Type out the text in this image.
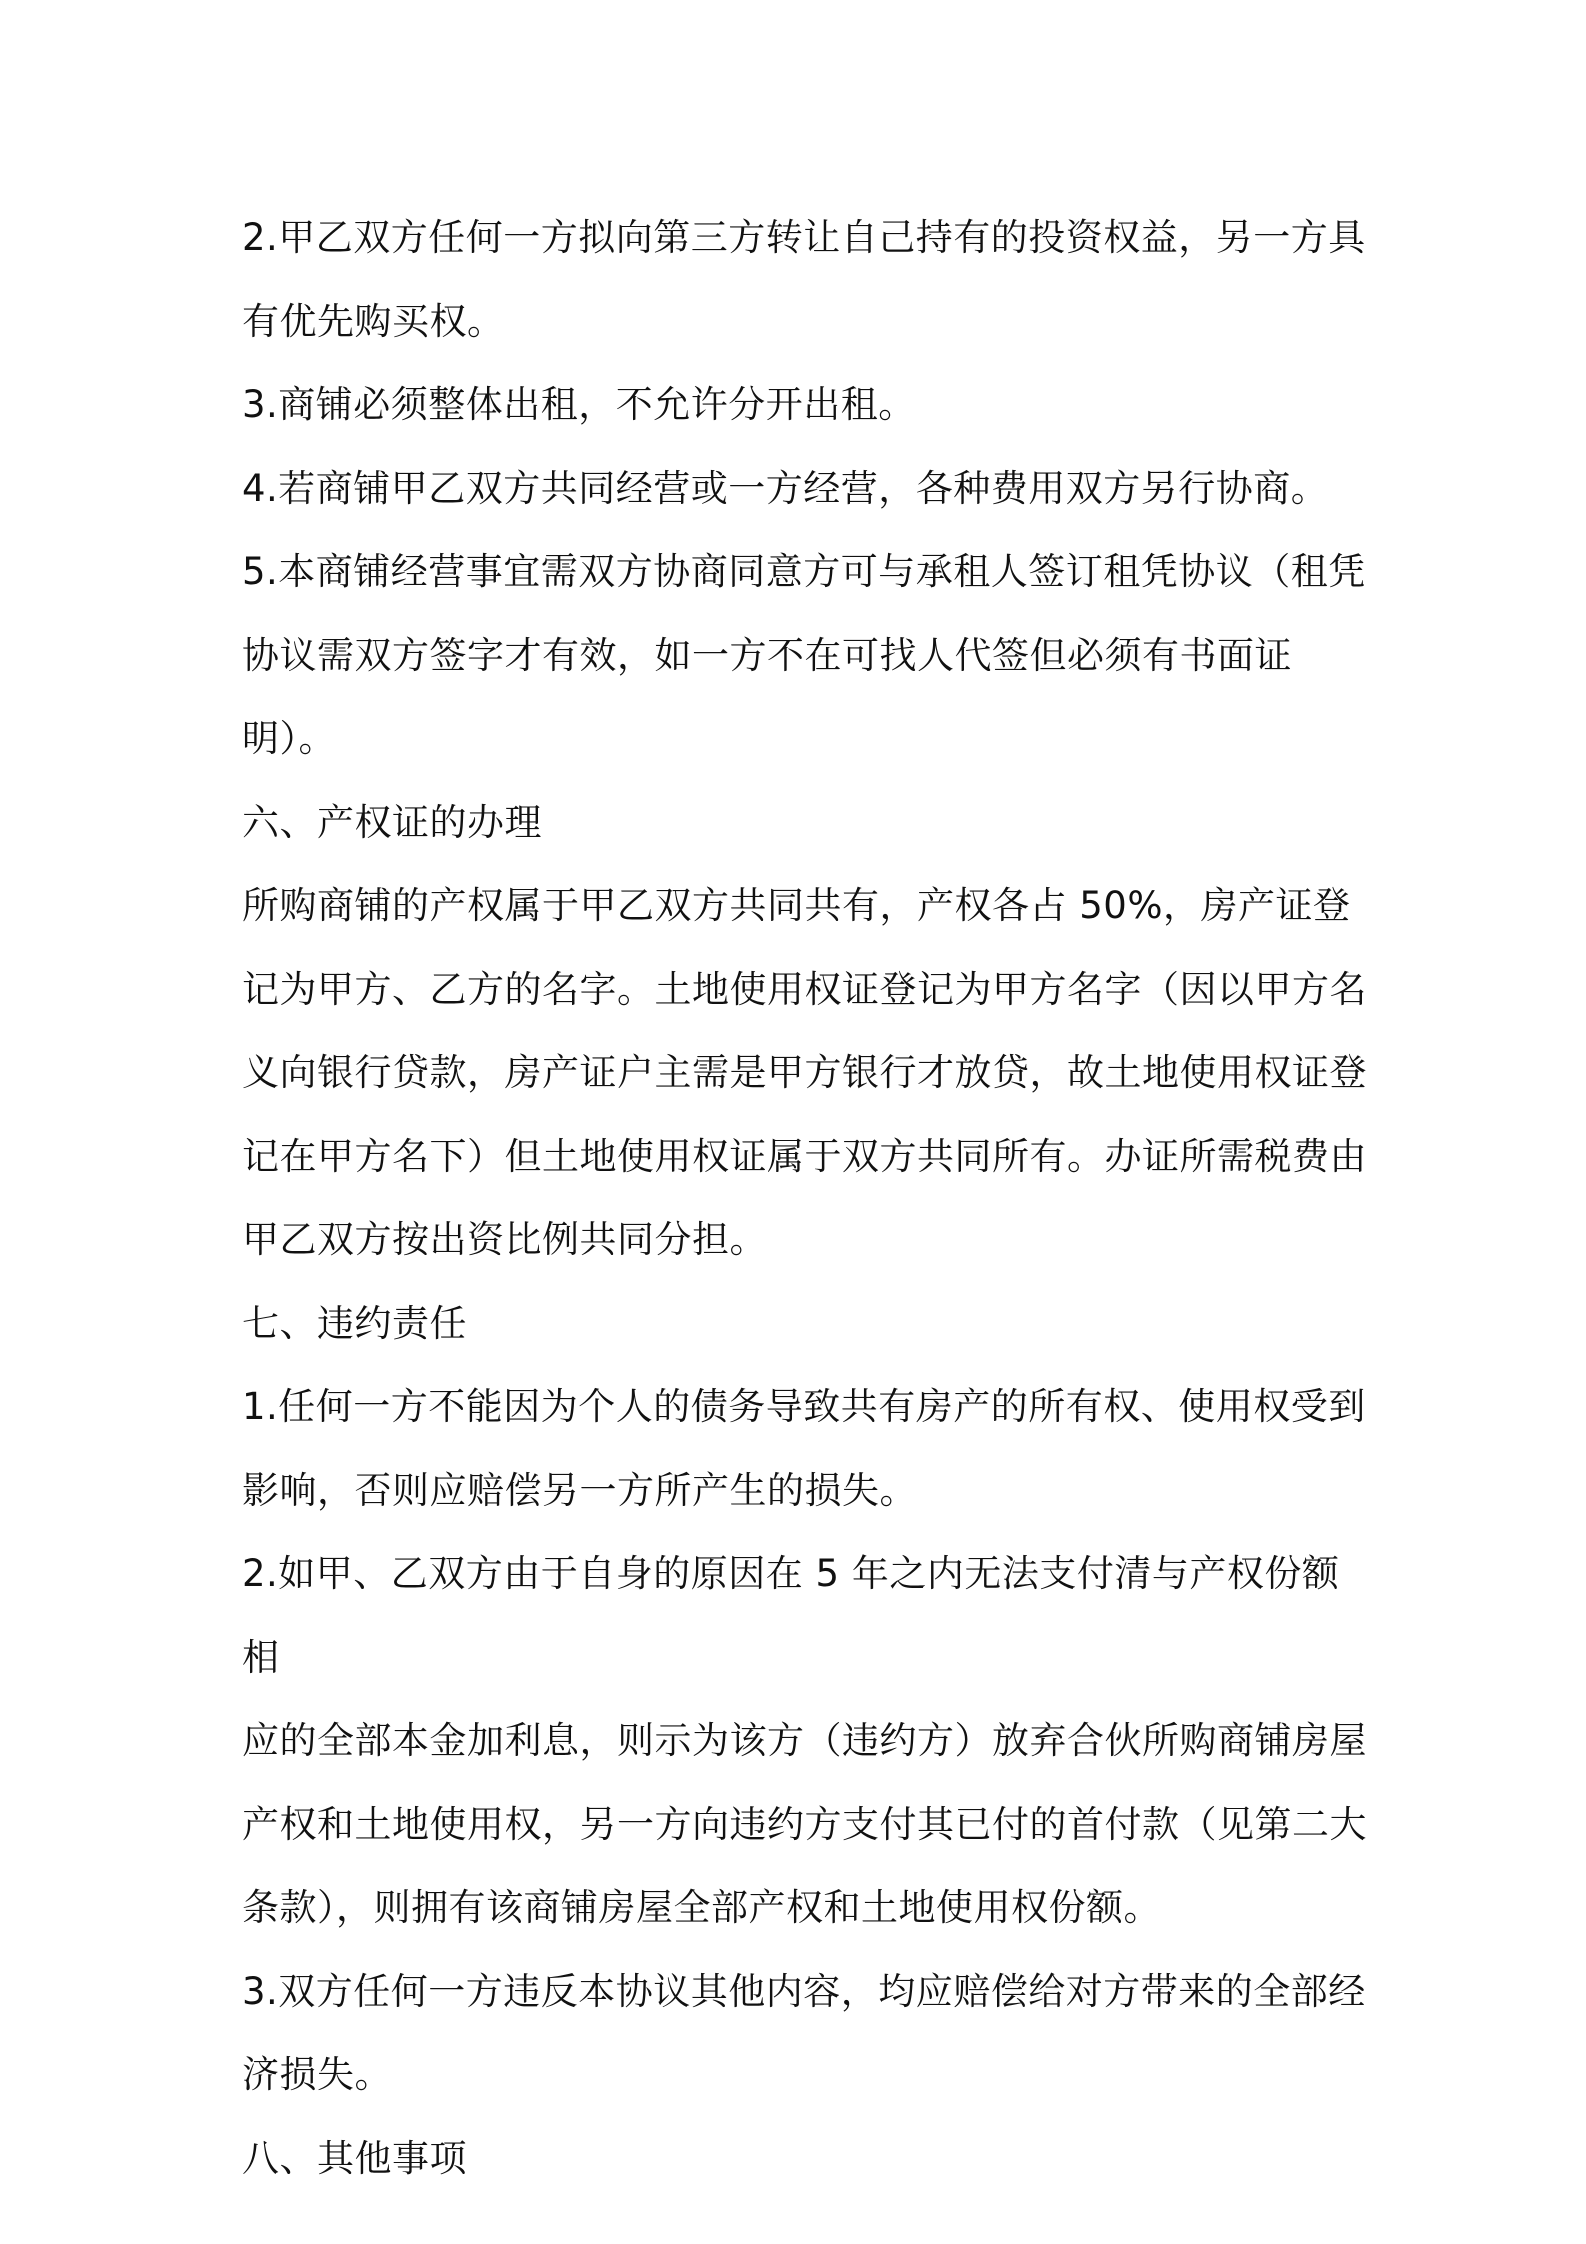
2.甲乙双方任何一方拟向第三方转让自己持有的投资权益，另一方具
有优先购买权。

3.商铺必须整体出租，不允许分开出租。

4.若商铺甲乙双方共同经营或一方经营，各种费用双方另行协商。

5.本商铺经营事宜需双方协商同意方可与承租人签订租凭协议（租凭
协议需双方签字才有效，如一方不在可找人代签但必须有书面证明）。

六、产权证的办理

所购商铺的产权属于甲乙双方共同共有，产权各占 50%，房产证登
记为甲方、乙方的名字。土地使用权证登记为甲方名字（因以甲方名
义向银行贷款，房产证户主需是甲方银行才放贷，故土地使用权证登
记在甲方名下）但土地使用权证属于双方共同所有。办证所需税费由
甲乙双方按出资比例共同分担。

七、违约责任

1.任何一方不能因为个人的债务导致共有房产的所有权、使用权受到
影响，否则应赔偿另一方所产生的损失。

2.如甲、乙双方由于自身的原因在 5 年之内无法支付清与产权份额相
应的全部本金加利息，则示为该方（违约方）放弃合伙所购商铺房屋
产权和土地使用权，另一方向违约方支付其已付的首付款（见第二大
条款），则拥有该商铺房屋全部产权和土地使用权份额。

3.双方任何一方违反本协议其他内容，均应赔偿给对方带来的全部经
济损失。

八、其他事项
